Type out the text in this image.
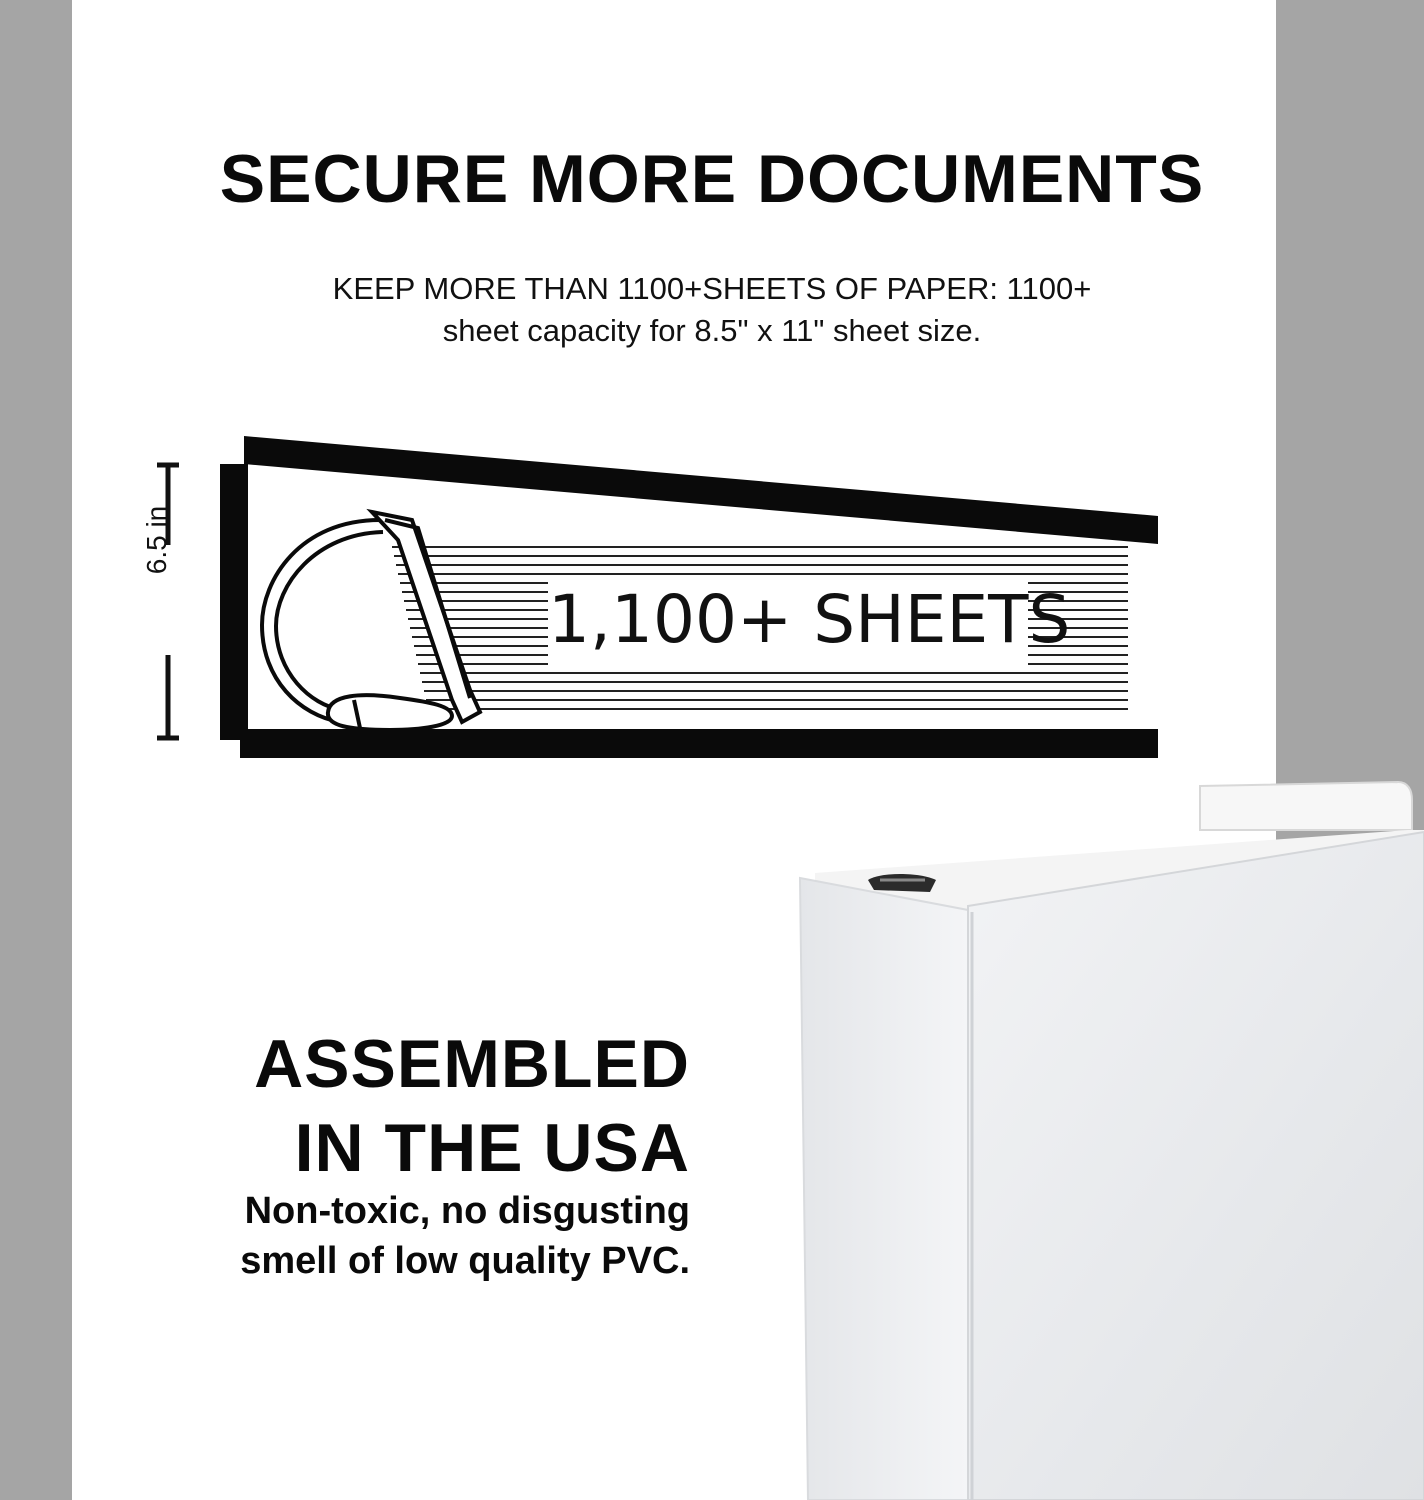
SECURE MORE DOCUMENTS
KEEP MORE THAN 1100+SHEETS OF PAPER: 1100+
sheet capacity for 8.5" x 11" sheet size.
6.5 in
1,100+ SHEETS
ASSEMBLED
IN THE USA
Non-toxic, no disgusting
smell of low quality PVC.
